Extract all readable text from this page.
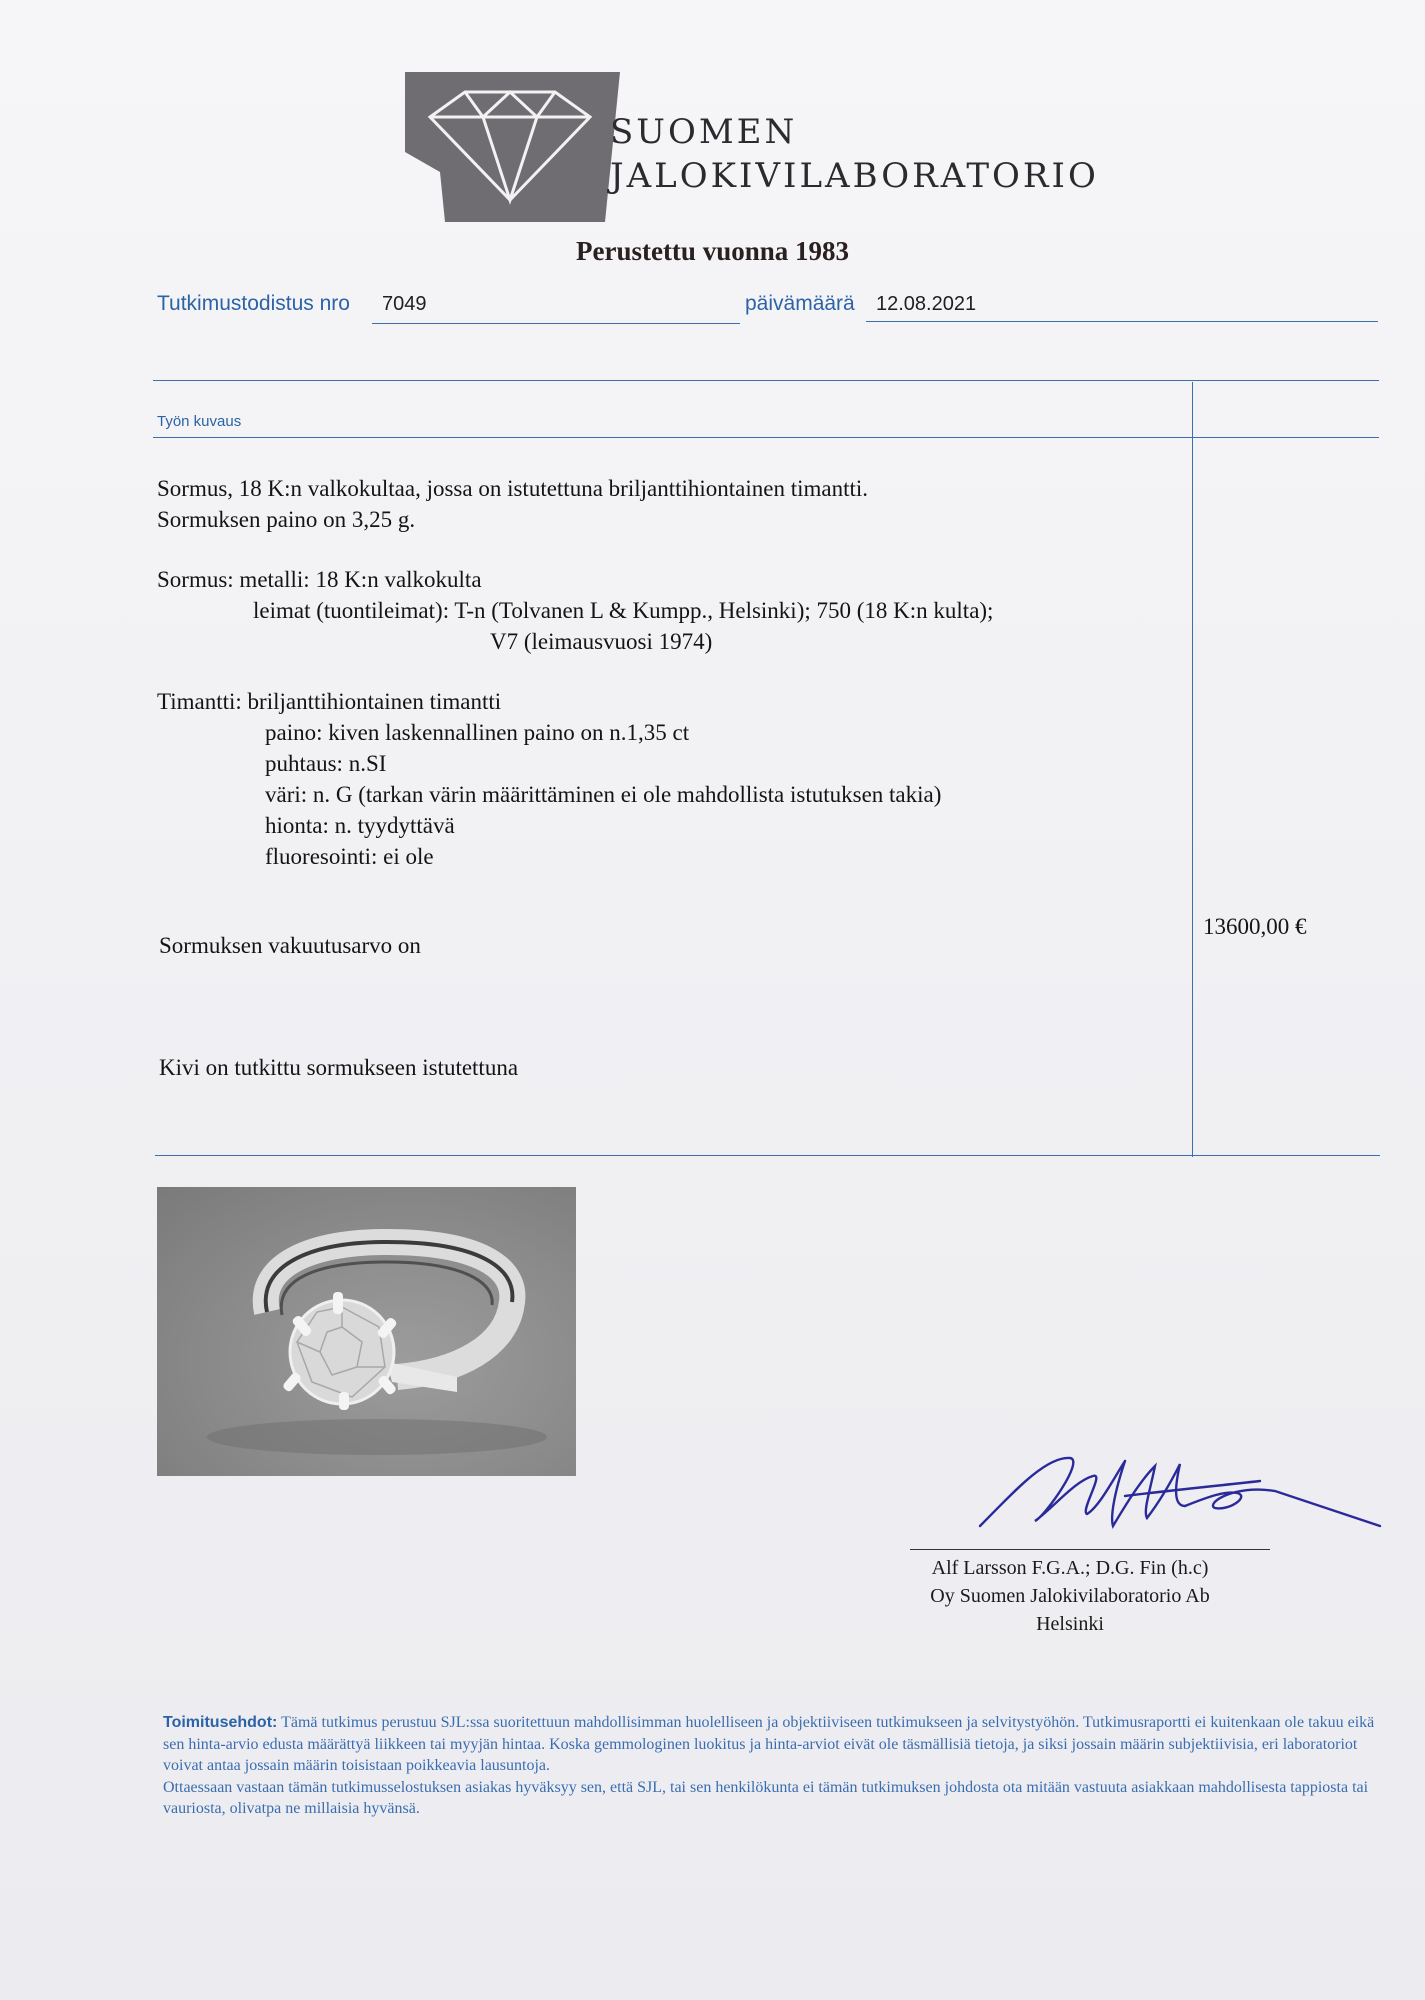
SUOMEN
JALOKIVILABORATORIO
Perustettu vuonna 1983
Tutkimustodistus nro 7049	päivämäärä 12.08.2021
Työn kuvaus
Sormus, 18 K:n valkokultaa, jossa on istutettuna briljanttihiontainen timantti.
Sormuksen paino on 3,25 g.
Sormus: metalli: 18 K:n valkokulta
leimat (tuontileimat): T-n (Tolvanen L & Kumpp., Helsinki); 750 (18 K:n kulta);
V7 (leimausvuosi 1974)
Timantti: briljanttihiontainen timantti
paino: kiven laskennallinen paino on n.1,35 ct
puhtaus: n.SI
väri: n. G (tarkan värin määrittäminen ei ole mahdollista istutuksen takia)
hionta: n. tyydyttävä
fluoresointi: ei ole
Sormuksen vakuutusarvo on
13600,00 €
Kivi on tutkittu sormukseen istutettuna
Alf Larsson F.G.A.; D.G. Fin (h.c)
Oy Suomen Jalokivilaboratorio Ab
Helsinki
Toimitusehdot: Tämä tutkimus perustuu SJL:ssa suoritettuun mahdollisimman huolelliseen ja objektiiviseen tutkimukseen ja selvitystyöhön. Tutkimusraportti ei kuitenkaan ole takuu eikä sen hinta-arvio edusta määrättyä liikkeen tai myyjän hintaa. Koska gemmologinen luokitus ja hinta-arviot eivät ole täsmällisiä tietoja, ja siksi jossain määrin subjektiivisia, eri laboratoriot voivat antaa jossain määrin toisistaan poikkeavia lausuntoja.
Ottaessaan vastaan tämän tutkimusselostuksen asiakas hyväksyy sen, että SJL, tai sen henkilökunta ei tämän tutkimuksen johdosta ota mitään vastuuta asiakkaan mahdollisesta tappiosta tai vauriosta, olivatpa ne millaisia hyvänsä.
